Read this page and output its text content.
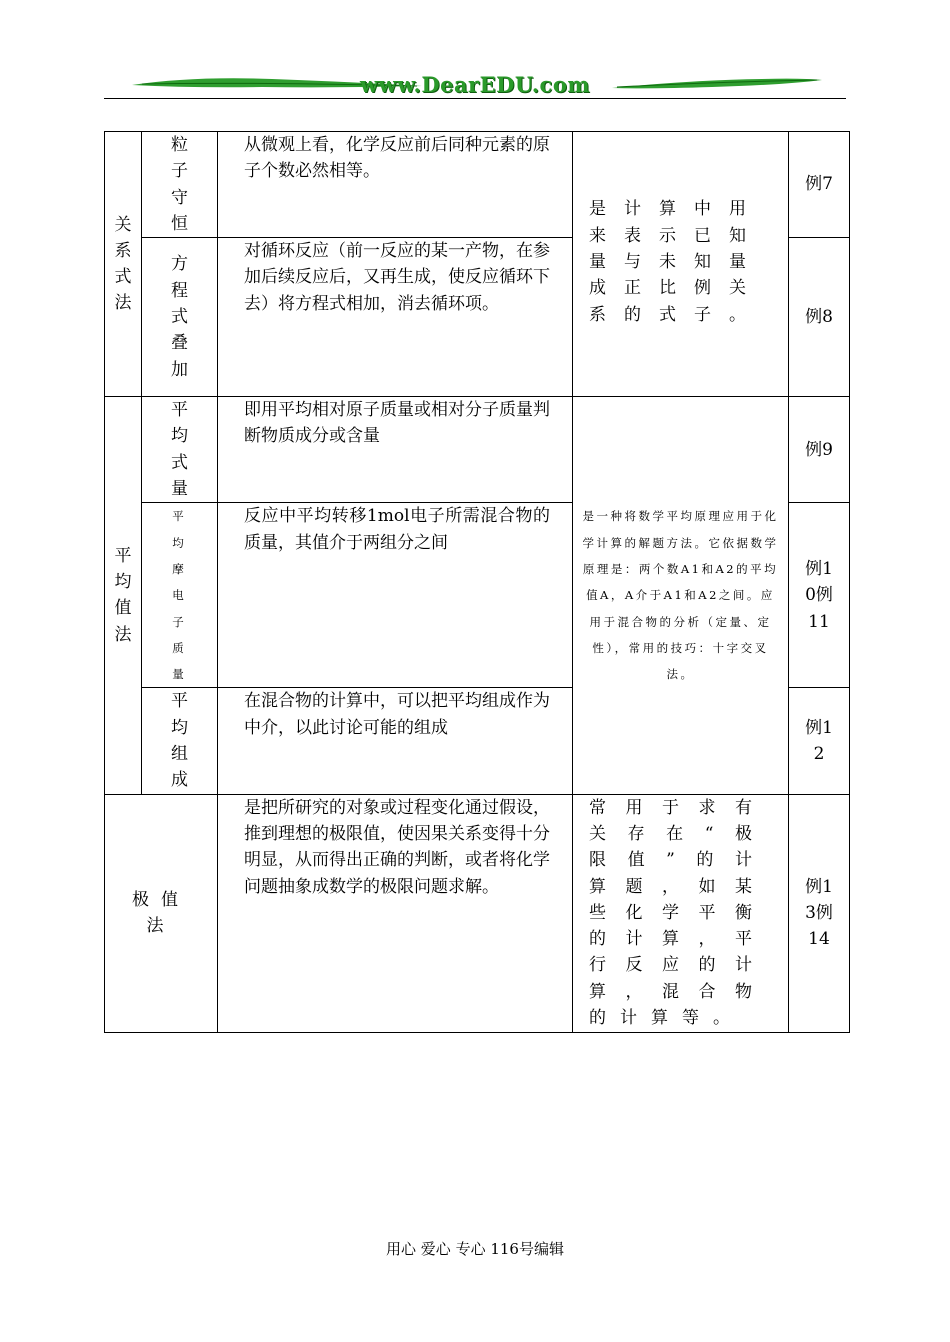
www.DearEDU.com
关系式法	粒子守恒	从微观上看，化学反应前后同种元素的原子个数必然相等。	是计算中用来表示已知量与未知量成正比例关系的式子。	例7
	方程式叠加	对循环反应（前一反应的某一产物，在参加后续反应后，又再生成，使反应循环下去）将方程式相加，消去循环项。		例8
平均值法	平均式量	即用平均相对原子质量或相对分子质量判断物质成分或含量	是一种将数学平均原理应用于化学计算的解题方法。它依据数学原理是：两个数A1和A2的平均值A，A介于A1和A2之间。应用于混合物的分析（定量、定性），常用的技巧：十字交叉法。	例9
	平均摩电子质量	反应中平均转移1mol电子所需混合物的质量，其值介于两组分之间		例10例11
	平均组成	在混合物的计算中，可以把平均组成作为中介，以此讨论可能的组成		例12
极值法		是把所研究的对象或过程变化通过假设，推到理想的极限值，使因果关系变得十分明显，从而得出正确的判断，或者将化学问题抽象成数学的极限问题求解。	常用于求有关存在“极限值”的计算题，如某些化学平衡的计算，平行反应的计算，混合物的计算等。	例13例14
用心 爱心 专心 116号编辑
